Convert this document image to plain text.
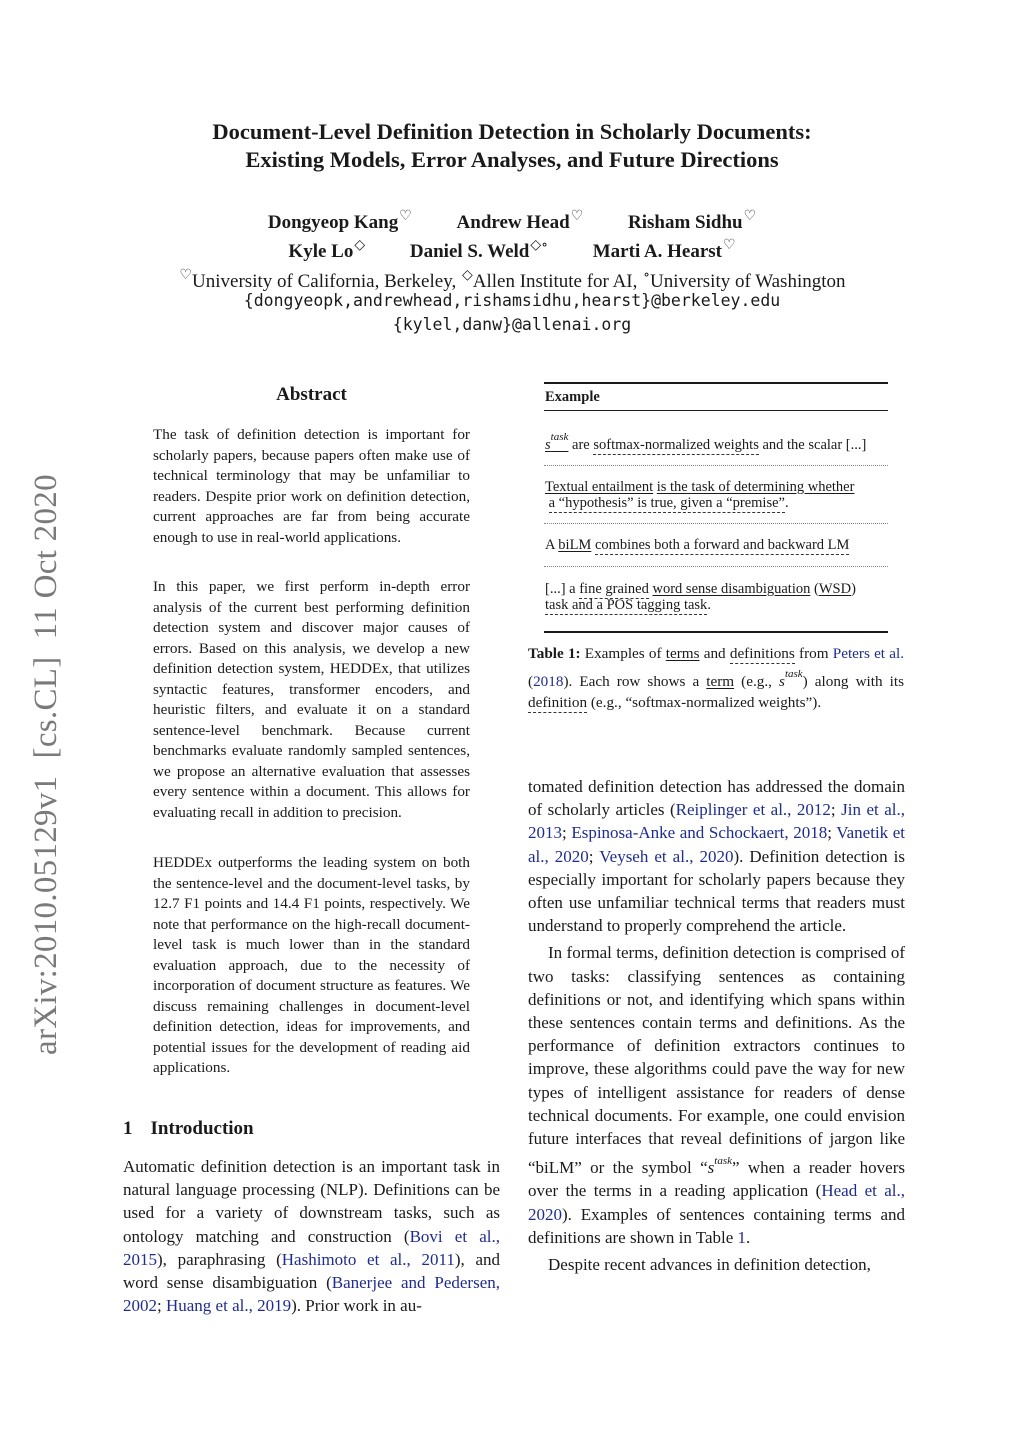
Document-Level Definition Detection in Scholarly Documents:
Existing Models, Error Analyses, and Future Directions
Dongyeop Kang♡ Andrew Head♡ Risham Sidhu♡
Kyle Lo◇ Daniel S. Weld◇∘ Marti A. Hearst♡
♡University of California, Berkeley, ◇Allen Institute for AI, ∘University of Washington
{dongyeopk,andrewhead,rishamsidhu,hearst}@berkeley.edu
{kylel,danw}@allenai.org
arXiv:2010.05129v1  [cs.CL]  11 Oct 2020
Abstract

The task of definition detection is important for scholarly papers, because papers often make use of technical terminology that may be unfamiliar to readers. Despite prior work on definition detection, current approaches are far from being accurate enough to use in real-world applications.

In this paper, we first perform in-depth error analysis of the current best performing definition detection system and discover major causes of errors. Based on this analysis, we develop a new definition detection system, HEDDEx, that utilizes syntactic features, transformer encoders, and heuristic filters, and evaluate it on a standard sentence-level benchmark. Because current benchmarks evaluate randomly sampled sentences, we propose an alternative evaluation that assesses every sentence within a document. This allows for evaluating recall in addition to precision.

HEDDEx outperforms the leading system on both the sentence-level and the document-level tasks, by 12.7 F1 points and 14.4 F1 points, respectively. We note that performance on the high-recall document-level task is much lower than in the standard evaluation approach, due to the necessity of incorporation of document structure as features. We discuss remaining challenges in document-level definition detection, ideas for improvements, and potential issues for the development of reading aid applications.

1 Introduction

Automatic definition detection is an important task in natural language processing (NLP). Definitions can be used for a variety of downstream tasks, such as ontology matching and construction (Bovi et al., 2015), paraphrasing (Hashimoto et al., 2011), and word sense disambiguation (Banerjee and Pedersen, 2002; Huang et al., 2019). Prior work in au-

Example
$s^{task}$ are softmax-normalized weights and the scalar [...]
Textual entailment is the task of determining whether
a “hypothesis” is true, given a “premise”.
A biLM combines both a forward and backward LM
[...] a fine grained word sense disambiguation (WSD)
task and a POS tagging task.
Table 1: Examples of terms and definitions from Peters et al. (2018). Each row shows a term (e.g., $s^{task}$) along with its definition (e.g., “softmax-normalized weights”).

tomated definition detection has addressed the domain of scholarly articles (Reiplinger et al., 2012; Jin et al., 2013; Espinosa-Anke and Schockaert, 2018; Vanetik et al., 2020; Veyseh et al., 2020). Definition detection is especially important for scholarly papers because they often use unfamiliar technical terms that readers must understand to properly comprehend the article.

In formal terms, definition detection is comprised of two tasks: classifying sentences as containing definitions or not, and identifying which spans within these sentences contain terms and definitions. As the performance of definition extractors continues to improve, these algorithms could pave the way for new types of intelligent assistance for readers of dense technical documents. For example, one could envision future interfaces that reveal definitions of jargon like “biLM” or the symbol “$s^{task}$” when a reader hovers over the terms in a reading application (Head et al., 2020). Examples of sentences containing terms and definitions are shown in Table 1.

Despite recent advances in definition detection,
